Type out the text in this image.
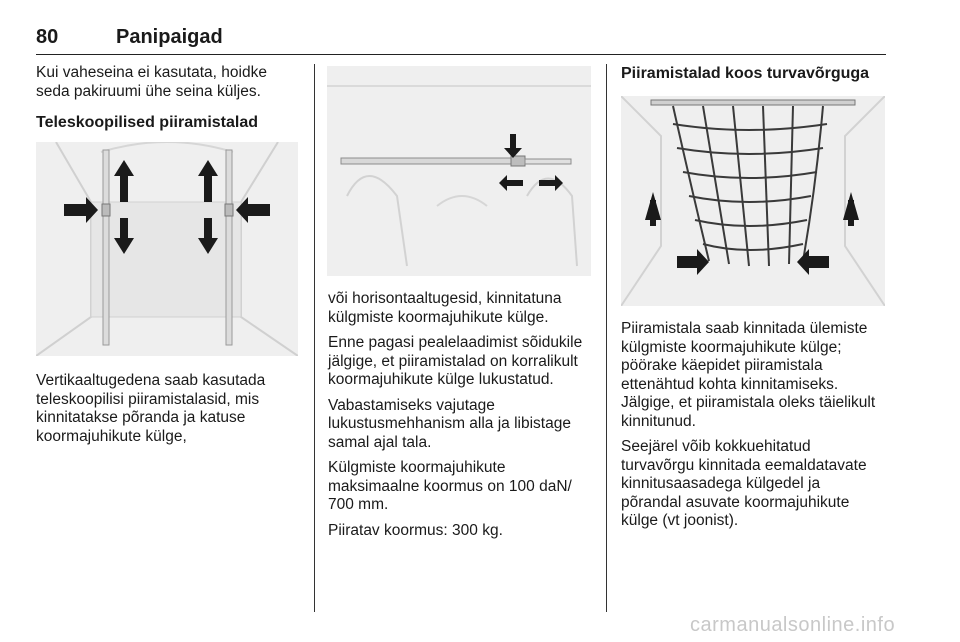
80	Panipaigad

Kui vaheseina ei kasutata, hoidke
seda pakiruumi ühe seina küljes.

Teleskoopilised piiramistalad

Vertikaaltugedena saab kasutada
teleskoopilisi piiramistalasid, mis
kinnitatakse põranda ja katuse
koormajuhikute külge,

või horisontaaltugesid, kinnitatuna
külgmiste koormajuhikute külge.

Enne pagasi pealelaadimist sõidukile
jälgige, et piiramistalad on korralikult
koormajuhikute külge lukustatud.

Vabastamiseks vajutage
lukustusmehhanism alla ja libistage
samal ajal tala.

Külgmiste koormajuhikute
maksimaalne koormus on 100 daN/
700 mm.

Piiratav koormus: 300 kg.

Piiramistalad koos turvavõrguga

Piiramistala saab kinnitada ülemiste
külgmiste koormajuhikute külge;
pöörake käepidet piiramistala
ettenähtud kohta kinnitamiseks.
Jälgige, et piiramistala oleks täielikult
kinnitunud.

Seejärel võib kokkuehitatud
turvavõrgu kinnitada eemaldatavate
kinnitusaasadega külgedel ja
põrandal asuvate koormajuhikute
külge (vt joonist).

carmanualsonline.info
